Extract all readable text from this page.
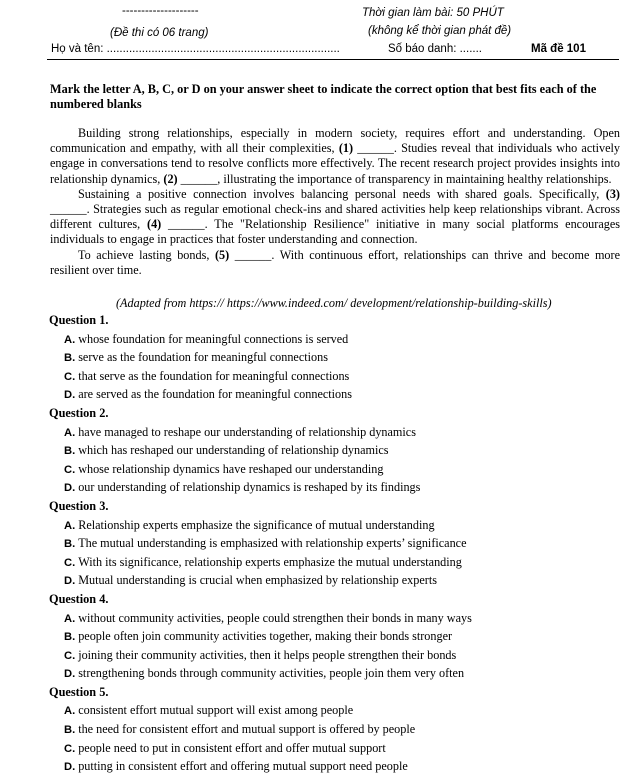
--------------------
(Đề thi có 06 trang)
Thời gian làm bài: 50 PHÚT
(không kể thời gian phát đề)
Họ và tên: .........................................................................	Số báo danh: .......	Mã đề 101
Mark the letter A, B, C, or D on your answer sheet to indicate the correct option that best fits each of the numbered blanks

Building strong relationships, especially in modern society, requires effort and understanding. Open communication and empathy, with all their complexities, (1) ______. Studies reveal that individuals who actively engage in conversations tend to resolve conflicts more effectively. The recent research project provides insights into relationship dynamics, (2) ______, illustrating the importance of transparency in maintaining healthy relationships.

Sustaining a positive connection involves balancing personal needs with shared goals. Specifically, (3) ______. Strategies such as regular emotional check-ins and shared activities help keep relationships vibrant. Across different cultures, (4) ______. The "Relationship Resilience" initiative in many social platforms encourages individuals to engage in practices that foster understanding and connection.

To achieve lasting bonds, (5) ______. With continuous effort, relationships can thrive and become more resilient over time.

(Adapted from https:// https://www.indeed.com/ development/relationship-building-skills)
Question 1.
A. whose foundation for meaningful connections is served
B. serve as the foundation for meaningful connections
C. that serve as the foundation for meaningful connections
D. are served as the foundation for meaningful connections
Question 2.
A. have managed to reshape our understanding of relationship dynamics
B. which has reshaped our understanding of relationship dynamics
C. whose relationship dynamics have reshaped our understanding
D. our understanding of relationship dynamics is reshaped by its findings
Question 3.
A. Relationship experts emphasize the significance of mutual understanding
B. The mutual understanding is emphasized with relationship experts’ significance
C. With its significance, relationship experts emphasize the mutual understanding
D. Mutual understanding is crucial when emphasized by relationship experts
Question 4.
A. without community activities, people could strengthen their bonds in many ways
B. people often join community activities together, making their bonds stronger
C. joining their community activities, then it helps people strengthen their bonds
D. strengthening bonds through community activities, people join them very often
Question 5.
A. consistent effort mutual support will exist among people
B. the need for consistent effort and mutual support is offered by people
C. people need to put in consistent effort and offer mutual support
D. putting in consistent effort and offering mutual support need people
